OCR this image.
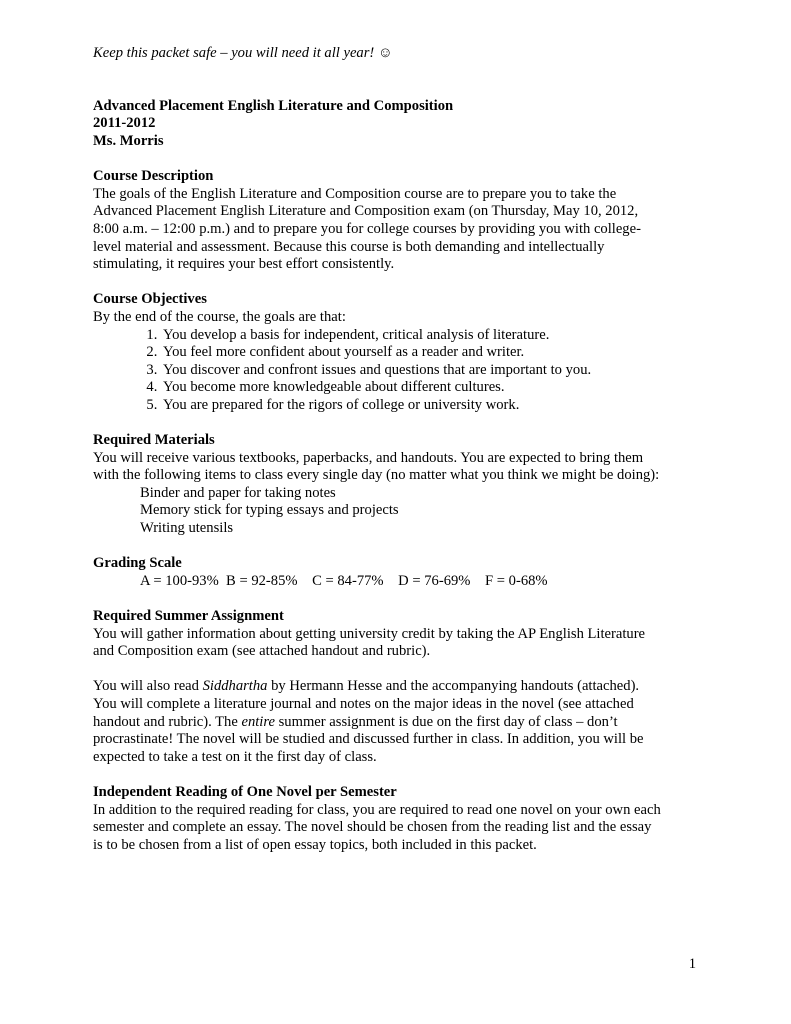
Keep this packet safe – you will need it all year! ☺

Advanced Placement English Literature and Composition

2011-2012

Ms. Morris

Course Description

The goals of the English Literature and Composition course are to prepare you to take the

Advanced Placement English Literature and Composition exam (on Thursday, May 10, 2012,

8:00 a.m. – 12:00 p.m.) and to prepare you for college courses by providing you with college-

level material and assessment. Because this course is both demanding and intellectually

stimulating, it requires your best effort consistently.

Course Objectives

By the end of the course, the goals are that:

1. You develop a basis for independent, critical analysis of literature.
2. You feel more confident about yourself as a reader and writer.
3. You discover and confront issues and questions that are important to you.
4. You become more knowledgeable about different cultures.
5. You are prepared for the rigors of college or university work.

Required Materials

You will receive various textbooks, paperbacks, and handouts. You are expected to bring them

with the following items to class every single day (no matter what you think we might be doing):

Binder and paper for taking notes

Memory stick for typing essays and projects

Writing utensils

Grading Scale

A = 100-93%  B = 92-85%    C = 84-77%    D = 76-69%    F = 0-68%

Required Summer Assignment

You will gather information about getting university credit by taking the AP English Literature

and Composition exam (see attached handout and rubric).

You will also read Siddhartha by Hermann Hesse and the accompanying handouts (attached).

You will complete a literature journal and notes on the major ideas in the novel (see attached

handout and rubric). The entire summer assignment is due on the first day of class – don’t

procrastinate! The novel will be studied and discussed further in class. In addition, you will be

expected to take a test on it the first day of class.

Independent Reading of One Novel per Semester

In addition to the required reading for class, you are required to read one novel on your own each

semester and complete an essay. The novel should be chosen from the reading list and the essay

is to be chosen from a list of open essay topics, both included in this packet.

1
